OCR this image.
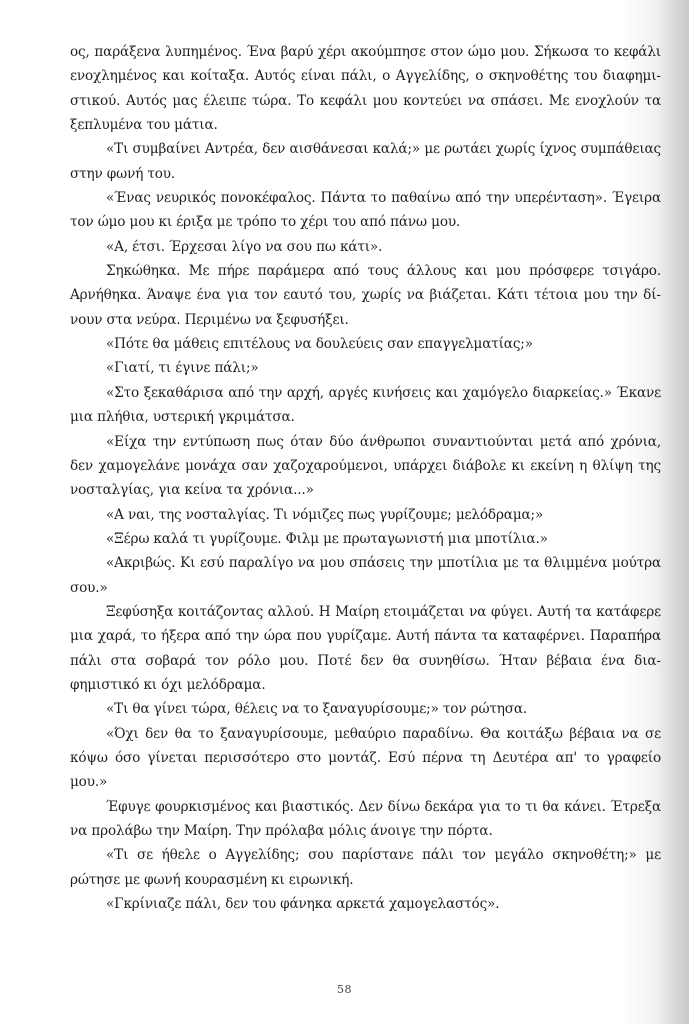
ος, παράξενα λυπημένος. Ένα βαρύ χέρι ακούμπησε στον ώμο μου. Σήκωσα το κεφάλι ενοχλημένος και κοίταξα. Αυτός είναι πάλι, ο Αγγελίδης, ο σκηνοθέτης του διαφημιστικού. Αυτός μας έλειπε τώρα. Το κεφάλι μου κοντεύει να σπάσει. Με ενοχλούν τα ξεπλυμένα του μάτια.

«Τι συμβαίνει Αντρέα, δεν αισθάνεσαι καλά;» με ρωτάει χωρίς ίχνος συμπάθειας στην φωνή του.

«Ένας νευρικός πονοκέφαλος. Πάντα το παθαίνω από την υπερένταση». Έγειρα τον ώμο μου κι έριξα με τρόπο το χέρι του από πάνω μου.

«Α, έτσι. Έρχεσαι λίγο να σου πω κάτι».

Σηκώθηκα. Με πήρε παράμερα από τους άλλους και μου πρόσφερε τσιγάρο. Αρνήθηκα. Άναψε ένα για τον εαυτό του, χωρίς να βιάζεται. Κάτι τέτοια μου την δίνουν στα νεύρα. Περιμένω να ξεφυσήξει.

«Πότε θα μάθεις επιτέλους να δουλεύεις σαν επαγγελματίας;»

«Γιατί, τι έγινε πάλι;»

«Στο ξεκαθάρισα από την αρχή, αργές κινήσεις και χαμόγελο διαρκείας.» Έκανε μια πλήθια, υστερική γκριμάτσα.

«Είχα την εντύπωση πως όταν δύο άνθρωποι συναντιούνται μετά από χρόνια, δεν χαμογελάνε μονάχα σαν χαζοχαρούμενοι, υπάρχει διάβολε κι εκείνη η θλίψη της νοσταλγίας, για κείνα τα χρόνια...»

«Α ναι, της νοσταλγίας. Τι νόμιζες πως γυρίζουμε; μελόδραμα;»

«Ξέρω καλά τι γυρίζουμε. Φιλμ με πρωταγωνιστή μια μποτίλια.»

«Ακριβώς. Κι εσύ παραλίγο να μου σπάσεις την μποτίλια με τα θλιμμένα μούτρα σου.»

Ξεφύσηξα κοιτάζοντας αλλού. Η Μαίρη ετοιμάζεται να φύγει. Αυτή τα κατάφερε μια χαρά, το ήξερα από την ώρα που γυρίζαμε. Αυτή πάντα τα καταφέρνει. Παραπήρα πάλι στα σοβαρά τον ρόλο μου. Ποτέ δεν θα συνηθίσω. Ήταν βέβαια ένα διαφημιστικό κι όχι μελόδραμα.

«Τι θα γίνει τώρα, θέλεις να το ξαναγυρίσουμε;» τον ρώτησα.

«Όχι δεν θα το ξαναγυρίσουμε, μεθαύριο παραδίνω. Θα κοιτάξω βέβαια να σε κόψω όσο γίνεται περισσότερο στο μοντάζ. Εσύ πέρνα τη Δευτέρα απ' το γραφείο μου.»

Έφυγε φουρκισμένος και βιαστικός. Δεν δίνω δεκάρα για το τι θα κάνει. Έτρεξα να προλάβω την Μαίρη. Την πρόλαβα μόλις άνοιγε την πόρτα.

«Τι σε ήθελε ο Αγγελίδης; σου παρίστανε πάλι τον μεγάλο σκηνοθέτη;» με ρώτησε με φωνή κουρασμένη κι ειρωνική.

«Γκρίνιαζε πάλι, δεν του φάνηκα αρκετά χαμογελαστός».

58
